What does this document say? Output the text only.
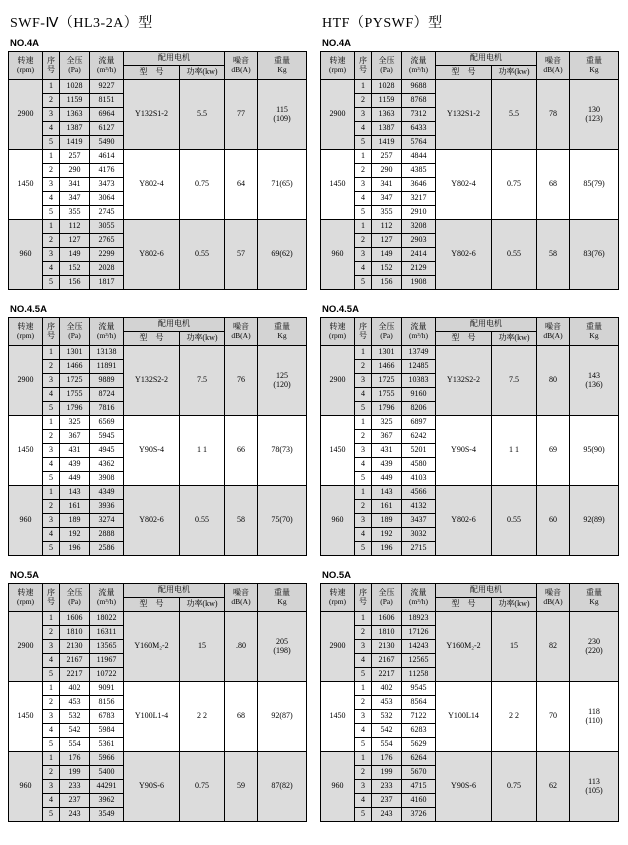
SWF-Ⅳ（HL3-2A）型
NO.4A
转速
(rpm)	序
号	全压
(Pa)	流量
(m³/h)	配用电机		噪音
dB(A)	重量
Kg
				型　号	功率(kw)		
2900	1	1028	9227	Y132S1-2	5.5	77	115
(109)
	2	1159	8151				
	3	1363	6964				
	4	1387	6127				
	5	1419	5490				
1450	1	257	4614	Y802-4	0.75	64	71(65)
	2	290	4176				
	3	341	3473				
	4	347	3064				
	5	355	2745				
960	1	112	3055	Y802-6	0.55	57	69(62)
	2	127	2765				
	3	149	2299				
	4	152	2028				
	5	156	1817				
NO.4.5A
转速
(rpm)	序
号	全压
(Pa)	流量
(m³/h)	配用电机		噪音
dB(A)	重量
Kg
				型　号	功率(kw)		
2900	1	1301	13138	Y132S2-2	7.5	76	125
(120)
	2	1466	11891				
	3	1725	9889				
	4	1755	8724				
	5	1796	7816				
1450	1	325	6569	Y90S-4	1 1	66	78(73)
	2	367	5945				
	3	431	4945				
	4	439	4362				
	5	449	3908				
960	1	143	4349	Y802-6	0.55	58	75(70)
	2	161	3936				
	3	189	3274				
	4	192	2888				
	5	196	2586				
NO.5A
转速
(rpm)	序
号	全压
(Pa)	流量
(m³/h)	配用电机		噪音
dB(A)	重量
Kg
				型　号	功率(kw)		
2900	1	1606	18022	Y160M₂-2	15	.80	205
(198)
	2	1810	16311				
	3	2130	13565				
	4	2167	11967				
	5	2217	10722				
1450	1	402	9091	Y100L1-4	2 2	68	92(87)
	2	453	8156				
	3	532	6783				
	4	542	5984				
	5	554	5361				
960	1	176	5966	Y90S-6	0.75	59	87(82)
	2	199	5400				
	3	233	44291				
	4	237	3962				
	5	243	3549				
HTF（PYSWF）型
NO.4A
转速
(rpm)	序
号	全压
(Pa)	流量
(m³/h)	配用电机		噪音
dB(A)	重量
Kg
				型　号	功率(kw)		
2900	1	1028	9688	Y132S1-2	5.5	78	130
(123)
	2	1159	8768				
	3	1363	7312				
	4	1387	6433				
	5	1419	5764				
1450	1	257	4844	Y802-4	0.75	68	85(79)
	2	290	4385				
	3	341	3646				
	4	347	3217				
	5	355	2910				
960	1	112	3208	Y802-6	0.55	58	83(76)
	2	127	2903				
	3	149	2414				
	4	152	2129				
	5	156	1908				
NO.4.5A
转速
(rpm)	序
号	全压
(Pa)	流量
(m³/h)	配用电机		噪音
dB(A)	重量
Kg
				型　号	功率(kw)		
2900	1	1301	13749	Y132S2-2	7.5	80	143
(136)
	2	1466	12485				
	3	1725	10383				
	4	1755	9160				
	5	1796	8206				
1450	1	325	6897	Y90S-4	1 1	69	95(90)
	2	367	6242				
	3	431	5201				
	4	439	4580				
	5	449	4103				
960	1	143	4566	Y802-6	0.55	60	92(89)
	2	161	4132				
	3	189	3437				
	4	192	3032				
	5	196	2715				
NO.5A
转速
(rpm)	序
号	全压
(Pa)	流量
(m³/h)	配用电机		噪音
dB(A)	重量
Kg
				型　号	功率(kw)		
2900	1	1606	18923	Y160M₂-2	15	82	230
(220)
	2	1810	17126				
	3	2130	14243				
	4	2167	12565				
	5	2217	11258				
1450	1	402	9545	Y100L14	2 2	70	118
(110)
	2	453	8564				
	3	532	7122				
	4	542	6283				
	5	554	5629				
960	1	176	6264	Y90S-6	0.75	62	113
(105)
	2	199	5670				
	3	233	4715				
	4	237	4160				
	5	243	3726				
